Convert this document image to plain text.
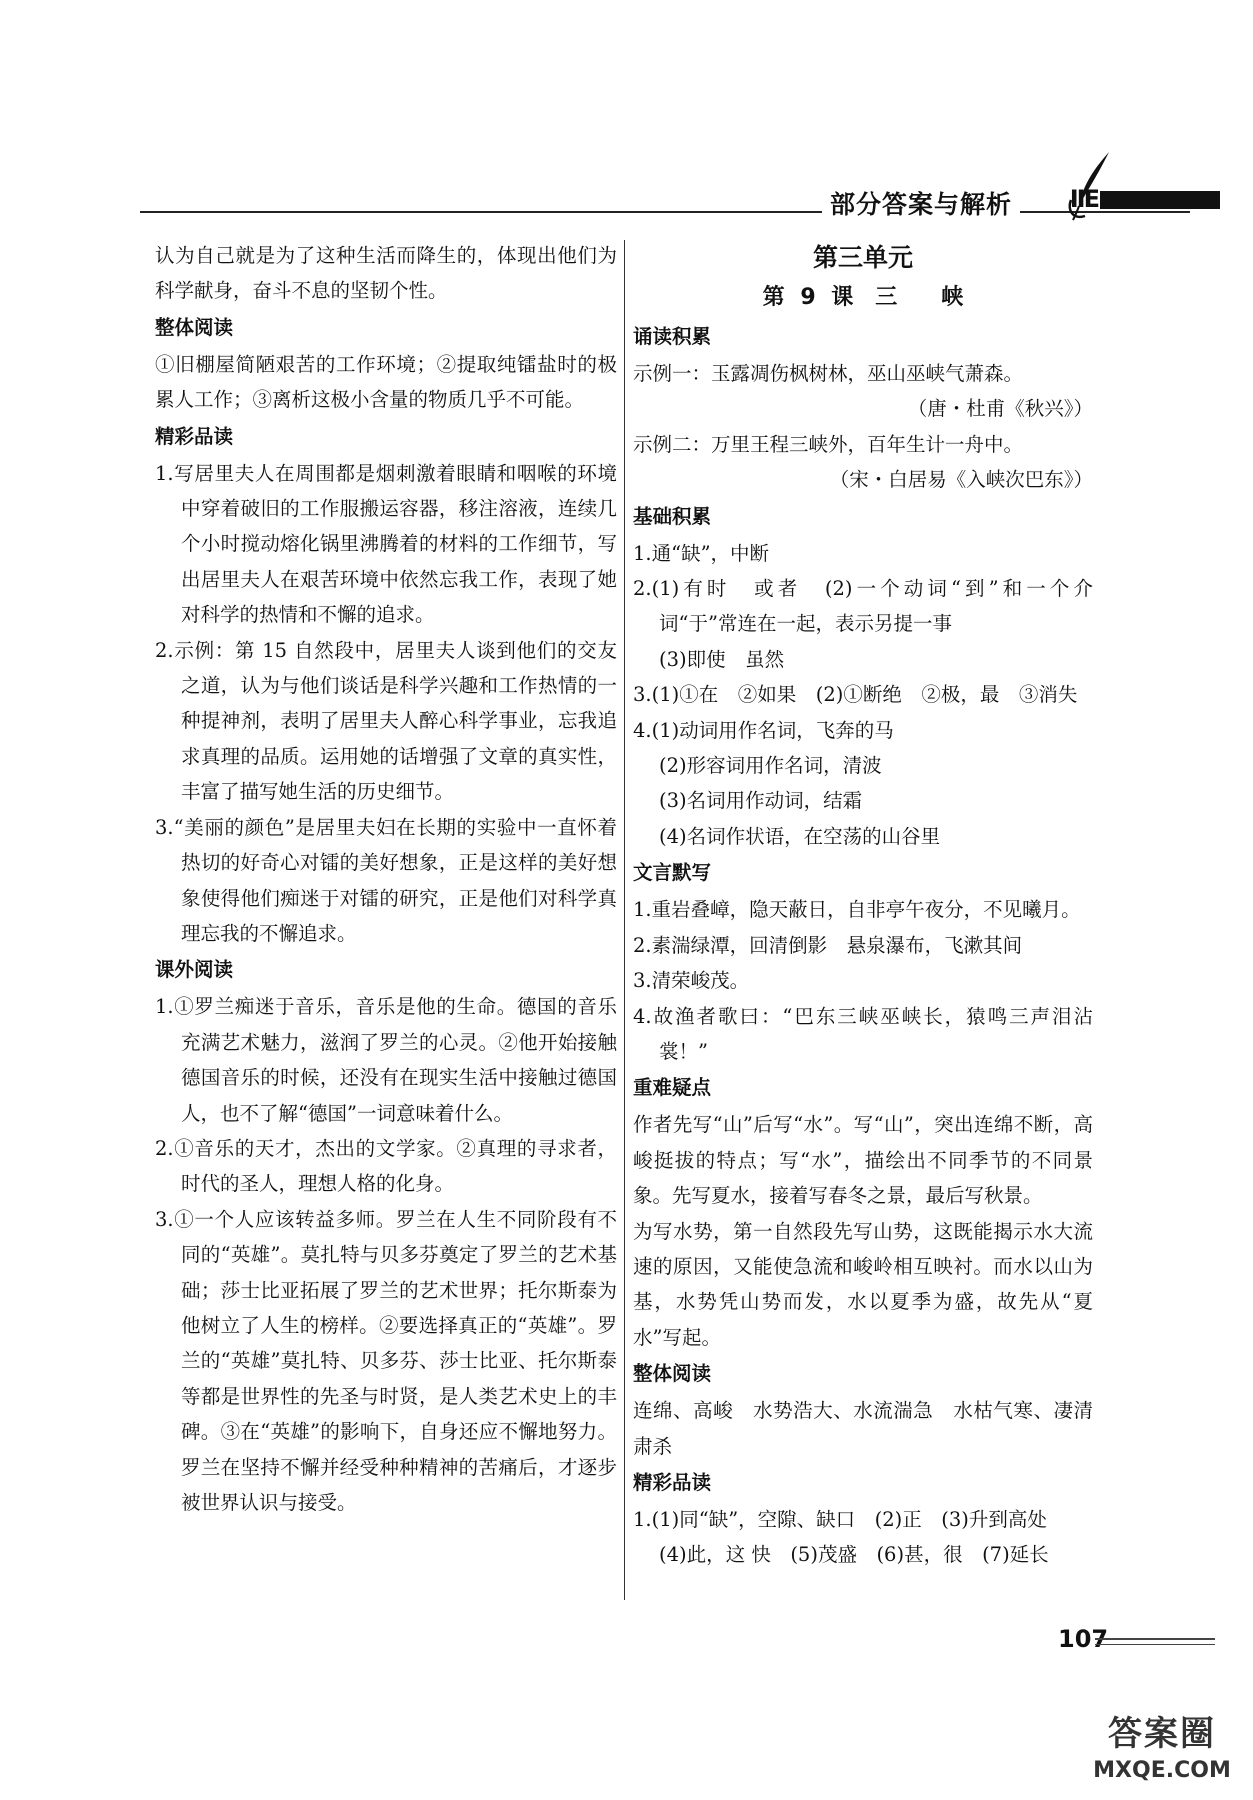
部分答案与解析	IIE

认为自己就是为了这种生活而降生的，体现出他们为科学献身，奋斗不息的坚韧个性。

整体阅读

①旧棚屋简陋艰苦的工作环境；②提取纯镭盐时的极累人工作；③离析这极小含量的物质几乎不可能。

精彩品读

1.写居里夫人在周围都是烟刺激着眼睛和咽喉的环境中穿着破旧的工作服搬运容器，移注溶液，连续几个小时搅动熔化锅里沸腾着的材料的工作细节，写出居里夫人在艰苦环境中依然忘我工作，表现了她对科学的热情和不懈的追求。

2.示例：第 15 自然段中，居里夫人谈到他们的交友之道，认为与他们谈话是科学兴趣和工作热情的一种提神剂，表明了居里夫人醉心科学事业，忘我追求真理的品质。运用她的话增强了文章的真实性，丰富了描写她生活的历史细节。

3.“美丽的颜色”是居里夫妇在长期的实验中一直怀着热切的好奇心对镭的美好想象，正是这样的美好想象使得他们痴迷于对镭的研究，正是他们对科学真理忘我的不懈追求。

课外阅读

1.①罗兰痴迷于音乐，音乐是他的生命。德国的音乐充满艺术魅力，滋润了罗兰的心灵。②他开始接触德国音乐的时候，还没有在现实生活中接触过德国人，也不了解“德国”一词意味着什么。

2.①音乐的天才，杰出的文学家。②真理的寻求者，时代的圣人，理想人格的化身。

3.①一个人应该转益多师。罗兰在人生不同阶段有不同的“英雄”。莫扎特与贝多芬奠定了罗兰的艺术基础；莎士比亚拓展了罗兰的艺术世界；托尔斯泰为他树立了人生的榜样。②要选择真正的“英雄”。罗兰的“英雄”莫扎特、贝多芬、莎士比亚、托尔斯泰等都是世界性的先圣与时贤，是人类艺术史上的丰碑。③在“英雄”的影响下，自身还应不懈地努力。罗兰在坚持不懈并经受种种精神的苦痛后，才逐步被世界认识与接受。

第三单元
第 9 课　三　　峡
诵读积累

示例一：玉露凋伤枫树林，巫山巫峡气萧森。

（唐・杜甫《秋兴》）

示例二：万里王程三峡外，百年生计一舟中。

（宋・白居易《入峡次巴东》）

基础积累

1.通“缺”，中断

2.(1)有时　或者　(2)一个动词“到”和一个介词“于”常连在一起，表示另提一事

(3)即使　虽然

3.(1)①在　②如果　(2)①断绝　②极，最　③消失

4.(1)动词用作名词，飞奔的马

(2)形容词用作名词，清波

(3)名词用作动词，结霜

(4)名词作状语，在空荡的山谷里

文言默写

1.重岩叠嶂，隐天蔽日，自非亭午夜分，不见曦月。

2.素湍绿潭，回清倒影　悬泉瀑布，飞漱其间

3.清荣峻茂。

4.故渔者歌曰：“巴东三峡巫峡长，猿鸣三声泪沾裳！”

重难疑点

作者先写“山”后写“水”。写“山”，突出连绵不断，高峻挺拔的特点；写“水”，描绘出不同季节的不同景象。先写夏水，接着写春冬之景，最后写秋景。

为写水势，第一自然段先写山势，这既能揭示水大流速的原因，又能使急流和峻岭相互映衬。而水以山为基，水势凭山势而发，水以夏季为盛，故先从“夏水”写起。

整体阅读

连绵、高峻　水势浩大、水流湍急　水枯气寒、凄清肃杀

精彩品读

1.(1)同“缺”，空隙、缺口　(2)正　(3)升到高处

(4)此，这 快　(5)茂盛　(6)甚，很　(7)延长

107
答案圈
MXQE.COM
